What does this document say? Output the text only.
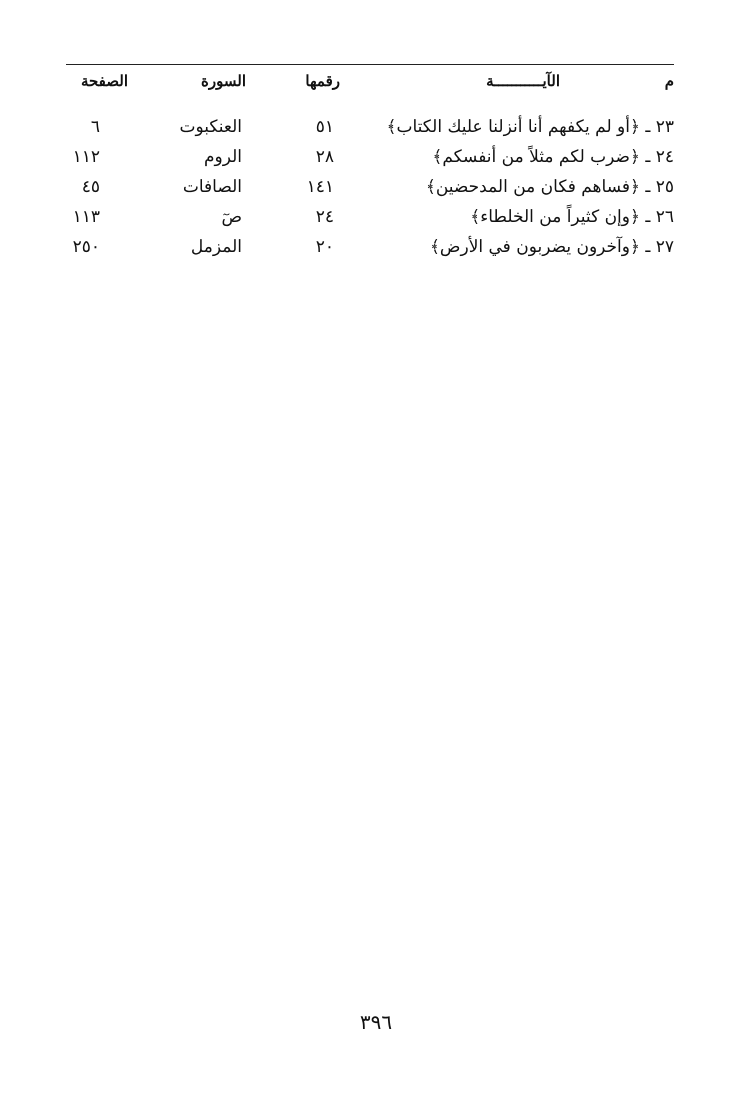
م
الآيـــــــــــة
رقمها
السورة
الصفحة
٢٣ ـ ﴿أو لم يكفهم أنا أنزلنا عليك الكتاب﴾
٥١
العنكبوت
٦
٢٤ ـ ﴿ضرب لكم مثلاً من أنفسكم﴾
٢٨
الروم
١١٢
٢٥ ـ ﴿فساهم فكان من المدحضين﴾
١٤١
الصافات
٤٥
٢٦ ـ ﴿وإن كثيراً من الخلطاء﴾
٢٤
صٓ
١١٣
٢٧ ـ ﴿وآخرون يضربون في الأرض﴾
٢٠
المزمل
٢٥٠
٣٩٦
